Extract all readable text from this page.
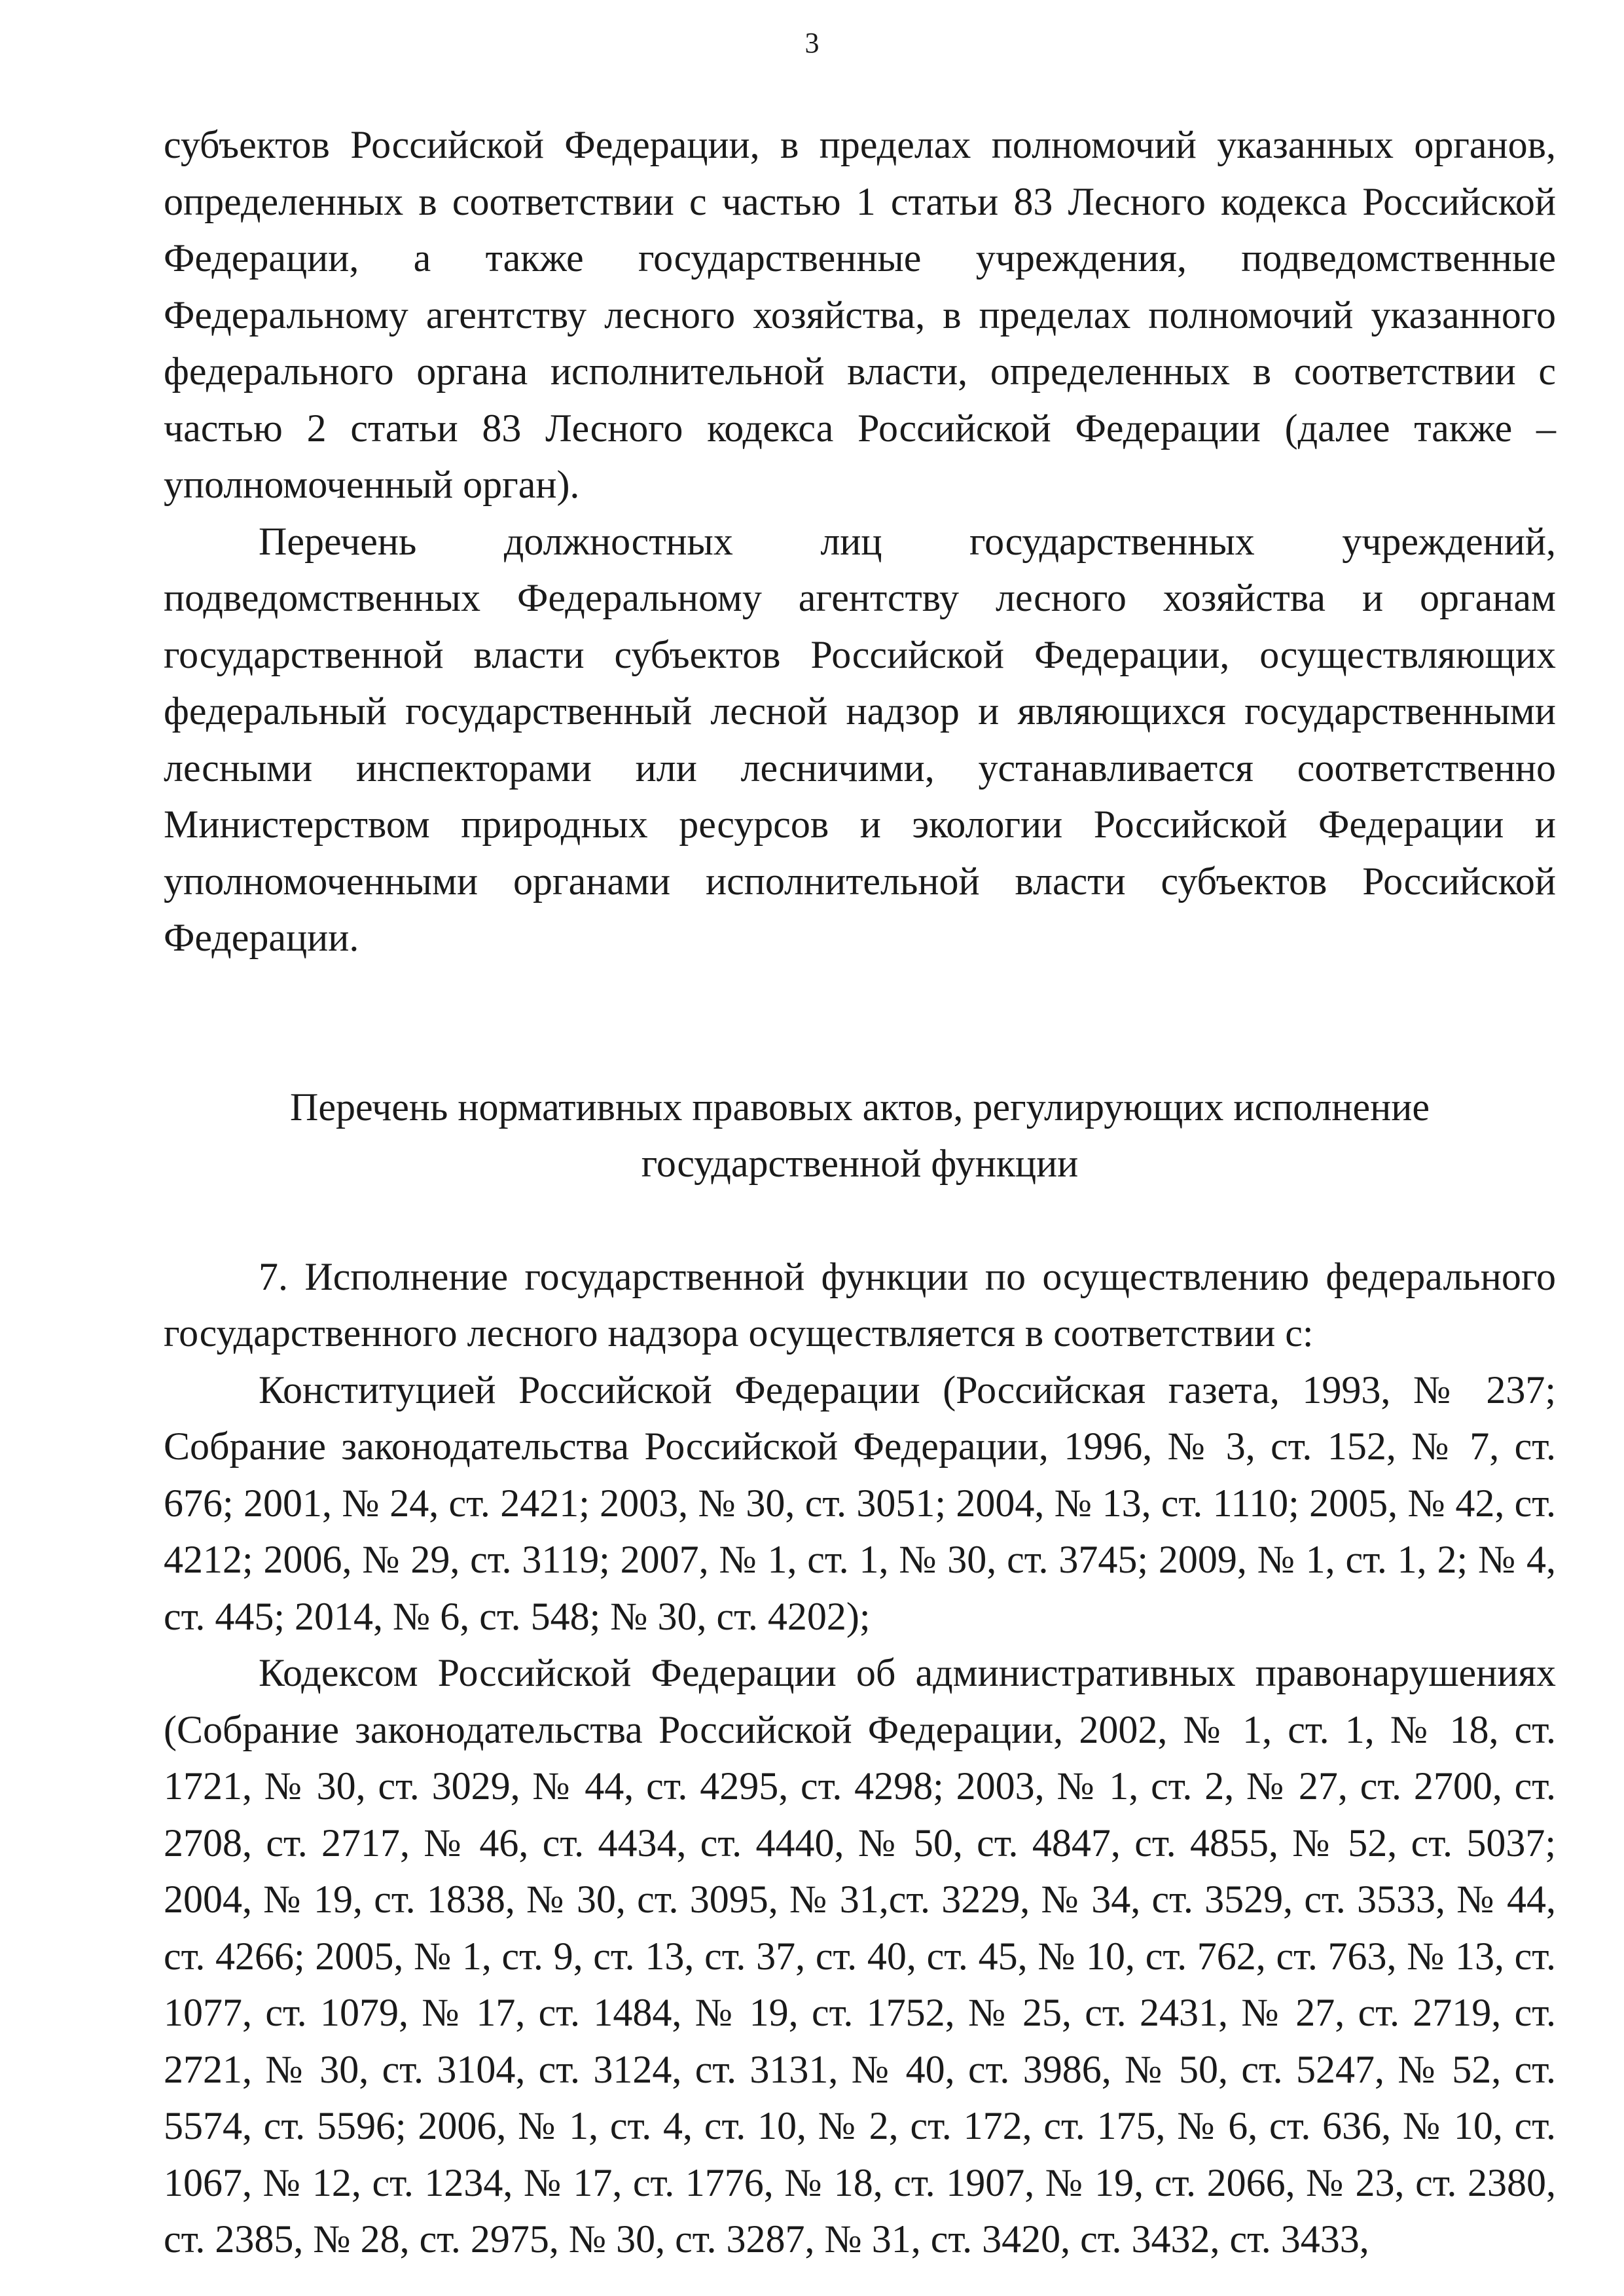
3

субъектов Российской Федерации, в пределах полномочий указанных органов, определенных в соответствии с частью 1 статьи 83 Лесного кодекса Российской Федерации, а также государственные учреждения, подведомственные Федеральному агентству лесного хозяйства, в пределах полномочий указанного федерального органа исполнительной власти, определенных в соответствии с частью 2 статьи 83 Лесного кодекса Российской Федерации (далее также – уполномоченный орган).

Перечень должностных лиц государственных учреждений, подведомственных Федеральному агентству лесного хозяйства и органам государственной власти субъектов Российской Федерации, осуществляющих федеральный государственный лесной надзор и являющихся государственными лесными инспекторами или лесничими, устанавливается соответственно Министерством природных ресурсов и экологии Российской Федерации и уполномоченными органами исполнительной власти субъектов Российской Федерации.

Перечень нормативных правовых актов, регулирующих исполнение
государственной функции

7. Исполнение государственной функции по осуществлению федерального государственного лесного надзора осуществляется в соответствии с:

Конституцией Российской Федерации (Российская газета, 1993, № 237; Собрание законодательства Российской Федерации, 1996, № 3, ст. 152, № 7, ст. 676; 2001, № 24, ст. 2421; 2003, № 30, ст. 3051; 2004, № 13, ст. 1110; 2005, № 42, ст. 4212; 2006, № 29, ст. 3119; 2007, № 1, ст. 1, № 30, ст. 3745; 2009, № 1, ст. 1, 2; № 4, ст. 445; 2014, № 6, ст. 548; № 30, ст. 4202);

Кодексом Российской Федерации об административных правонарушениях (Собрание законодательства Российской Федерации, 2002, № 1, ст. 1, № 18, ст. 1721, № 30, ст. 3029, № 44, ст. 4295, ст. 4298; 2003, № 1, ст. 2, № 27, ст. 2700, ст. 2708, ст. 2717, № 46, ст. 4434, ст. 4440, № 50, ст. 4847, ст. 4855, № 52, ст. 5037; 2004, № 19, ст. 1838, № 30, ст. 3095, № 31,ст. 3229, № 34, ст. 3529, ст. 3533, № 44, ст. 4266; 2005, № 1, ст. 9, ст. 13, ст. 37, ст. 40, ст. 45, № 10, ст. 762, ст. 763, № 13, ст. 1077, ст. 1079, № 17, ст. 1484, № 19, ст. 1752, № 25, ст. 2431, № 27, ст. 2719, ст. 2721, № 30, ст. 3104, ст. 3124, ст. 3131, № 40, ст. 3986, № 50, ст. 5247, № 52, ст. 5574, ст. 5596; 2006, № 1, ст. 4, ст. 10, № 2, ст. 172, ст. 175, № 6, ст. 636, № 10, ст. 1067, № 12, ст. 1234, № 17, ст. 1776, № 18, ст. 1907, № 19, ст. 2066, № 23, ст. 2380, ст. 2385, № 28, ст. 2975, № 30, ст. 3287, № 31, ст. 3420, ст. 3432, ст. 3433,
